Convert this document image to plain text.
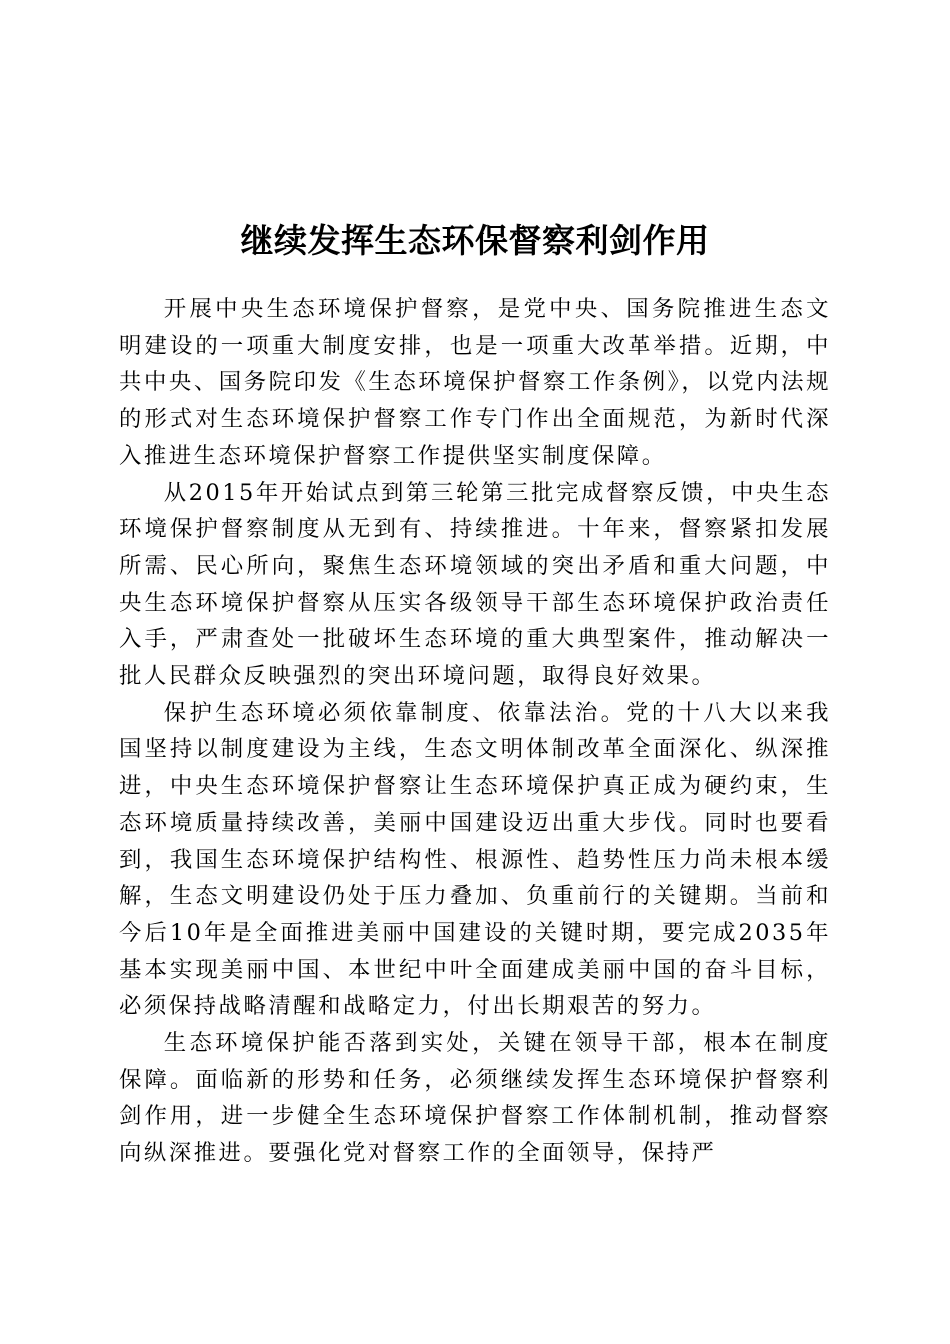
继续发挥生态环保督察利剑作用

开展中央生态环境保护督察，是党中央、国务院推进生态文明建设的一项重大制度安排，也是一项重大改革举措。近期，中共中央、国务院印发《生态环境保护督察工作条例》，以党内法规的形式对生态环境保护督察工作专门作出全面规范，为新时代深入推进生态环境保护督察工作提供坚实制度保障。

从2015年开始试点到第三轮第三批完成督察反馈，中央生态环境保护督察制度从无到有、持续推进。十年来，督察紧扣发展所需、民心所向，聚焦生态环境领域的突出矛盾和重大问题，中央生态环境保护督察从压实各级领导干部生态环境保护政治责任入手，严肃查处一批破坏生态环境的重大典型案件，推动解决一批人民群众反映强烈的突出环境问题，取得良好效果。

保护生态环境必须依靠制度、依靠法治。党的十八大以来我国坚持以制度建设为主线，生态文明体制改革全面深化、纵深推进，中央生态环境保护督察让生态环境保护真正成为硬约束，生态环境质量持续改善，美丽中国建设迈出重大步伐。同时也要看到，我国生态环境保护结构性、根源性、趋势性压力尚未根本缓解，生态文明建设仍处于压力叠加、负重前行的关键期。当前和今后10年是全面推进美丽中国建设的关键时期，要完成2035年基本实现美丽中国、本世纪中叶全面建成美丽中国的奋斗目标，必须保持战略清醒和战略定力，付出长期艰苦的努力。

生态环境保护能否落到实处，关键在领导干部，根本在制度保障。面临新的形势和任务，必须继续发挥生态环境保护督察利剑作用，进一步健全生态环境保护督察工作体制机制，推动督察向纵深推进。要强化党对督察工作的全面领导，保持严
